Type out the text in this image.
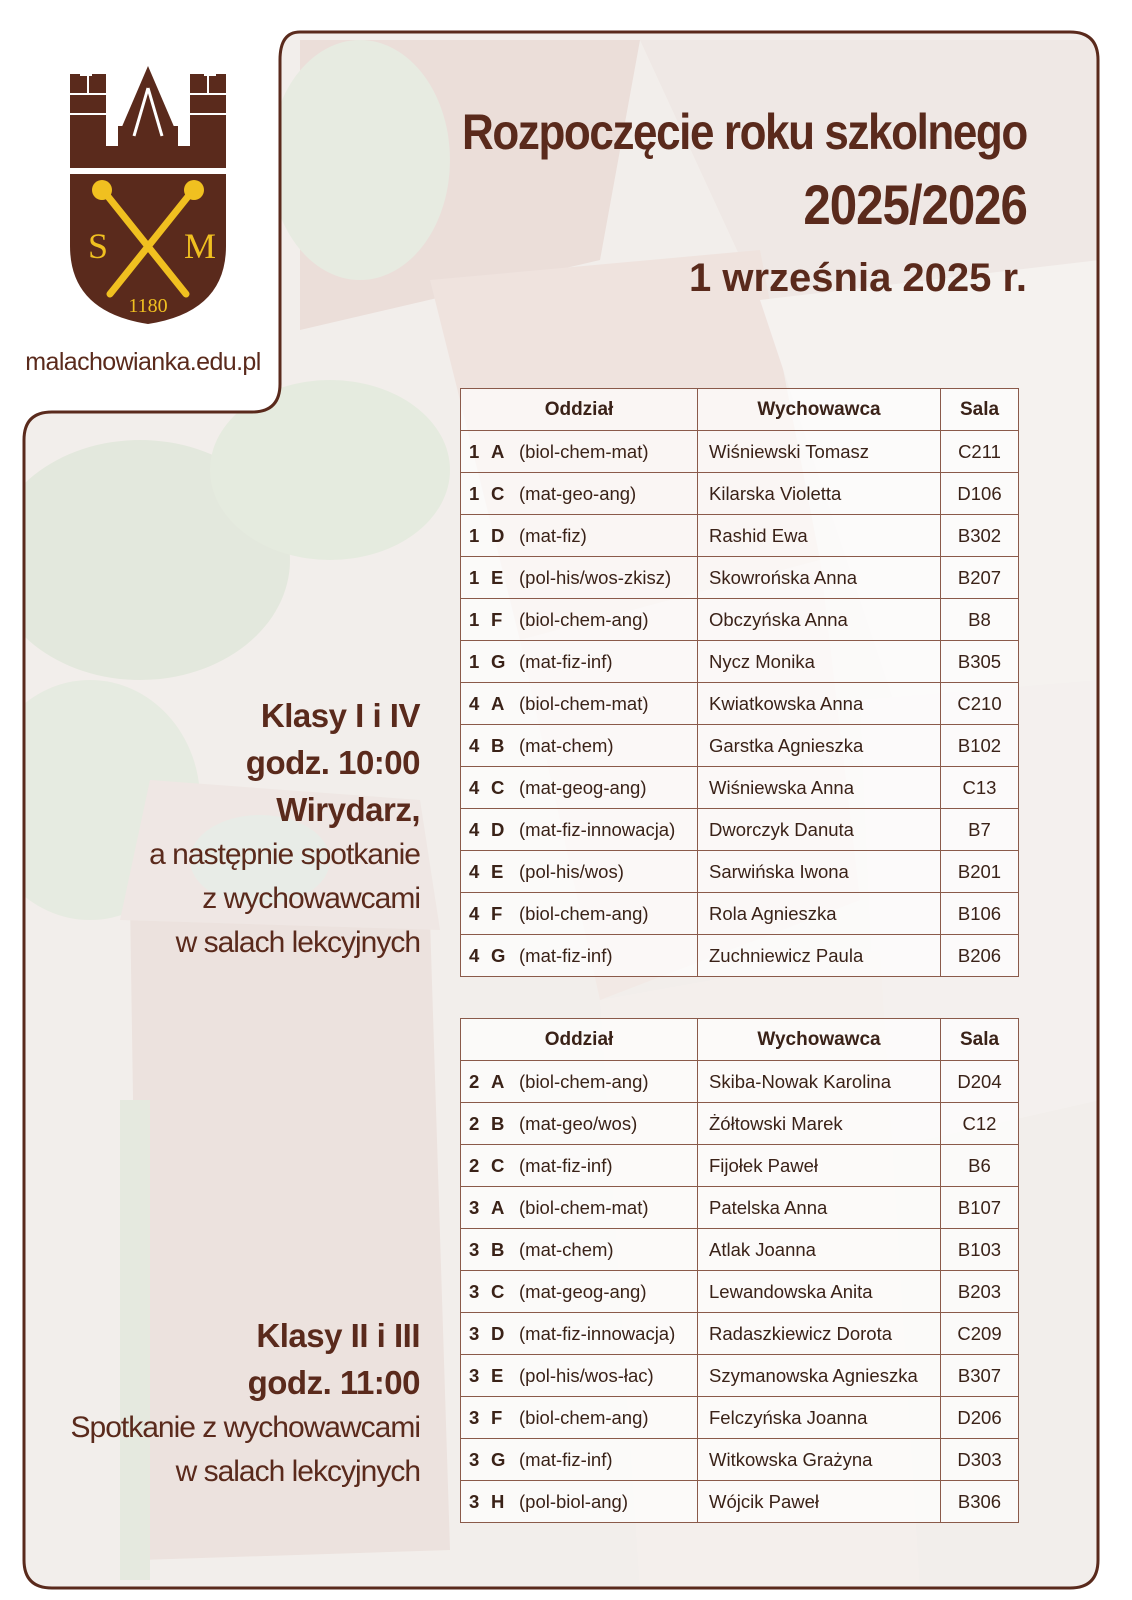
S M
1180
malachowianka.edu.pl
Rozpoczęcie roku szkolnego
2025/2026
1 września 2025 r.
Klasy I i IV
godz. 10:00
Wirydarz,
a następnie spotkanie
z wychowawcami
w salach lekcyjnych
Klasy II i III
godz. 11:00
Spotkanie z wychowawcami
w salach lekcyjnych
Oddział	Wychowawca	Sala
1 A (biol-chem-mat)	Wiśniewski Tomasz	C211
1 C (mat-geo-ang)	Kilarska Violetta	D106
1 D (mat-fiz)	Rashid Ewa	B302
1 E (pol-his/wos-zkisz)	Skowrońska Anna	B207
1 F (biol-chem-ang)	Obczyńska Anna	B8
1 G (mat-fiz-inf)	Nycz Monika	B305
4 A (biol-chem-mat)	Kwiatkowska Anna	C210
4 B (mat-chem)	Garstka Agnieszka	B102
4 C (mat-geog-ang)	Wiśniewska Anna	C13
4 D (mat-fiz-innowacja)	Dworczyk Danuta	B7
4 E (pol-his/wos)	Sarwińska Iwona	B201
4 F (biol-chem-ang)	Rola Agnieszka	B106
4 G (mat-fiz-inf)	Zuchniewicz Paula	B206
Oddział	Wychowawca	Sala
2 A (biol-chem-ang)	Skiba-Nowak Karolina	D204
2 B (mat-geo/wos)	Żółtowski Marek	C12
2 C (mat-fiz-inf)	Fijołek Paweł	B6
3 A (biol-chem-mat)	Patelska Anna	B107
3 B (mat-chem)	Atlak Joanna	B103
3 C (mat-geog-ang)	Lewandowska Anita	B203
3 D (mat-fiz-innowacja)	Radaszkiewicz Dorota	C209
3 E (pol-his/wos-łac)	Szymanowska Agnieszka	B307
3 F (biol-chem-ang)	Felczyńska Joanna	D206
3 G (mat-fiz-inf)	Witkowska Grażyna	D303
3 H (pol-biol-ang)	Wójcik Paweł	B306
